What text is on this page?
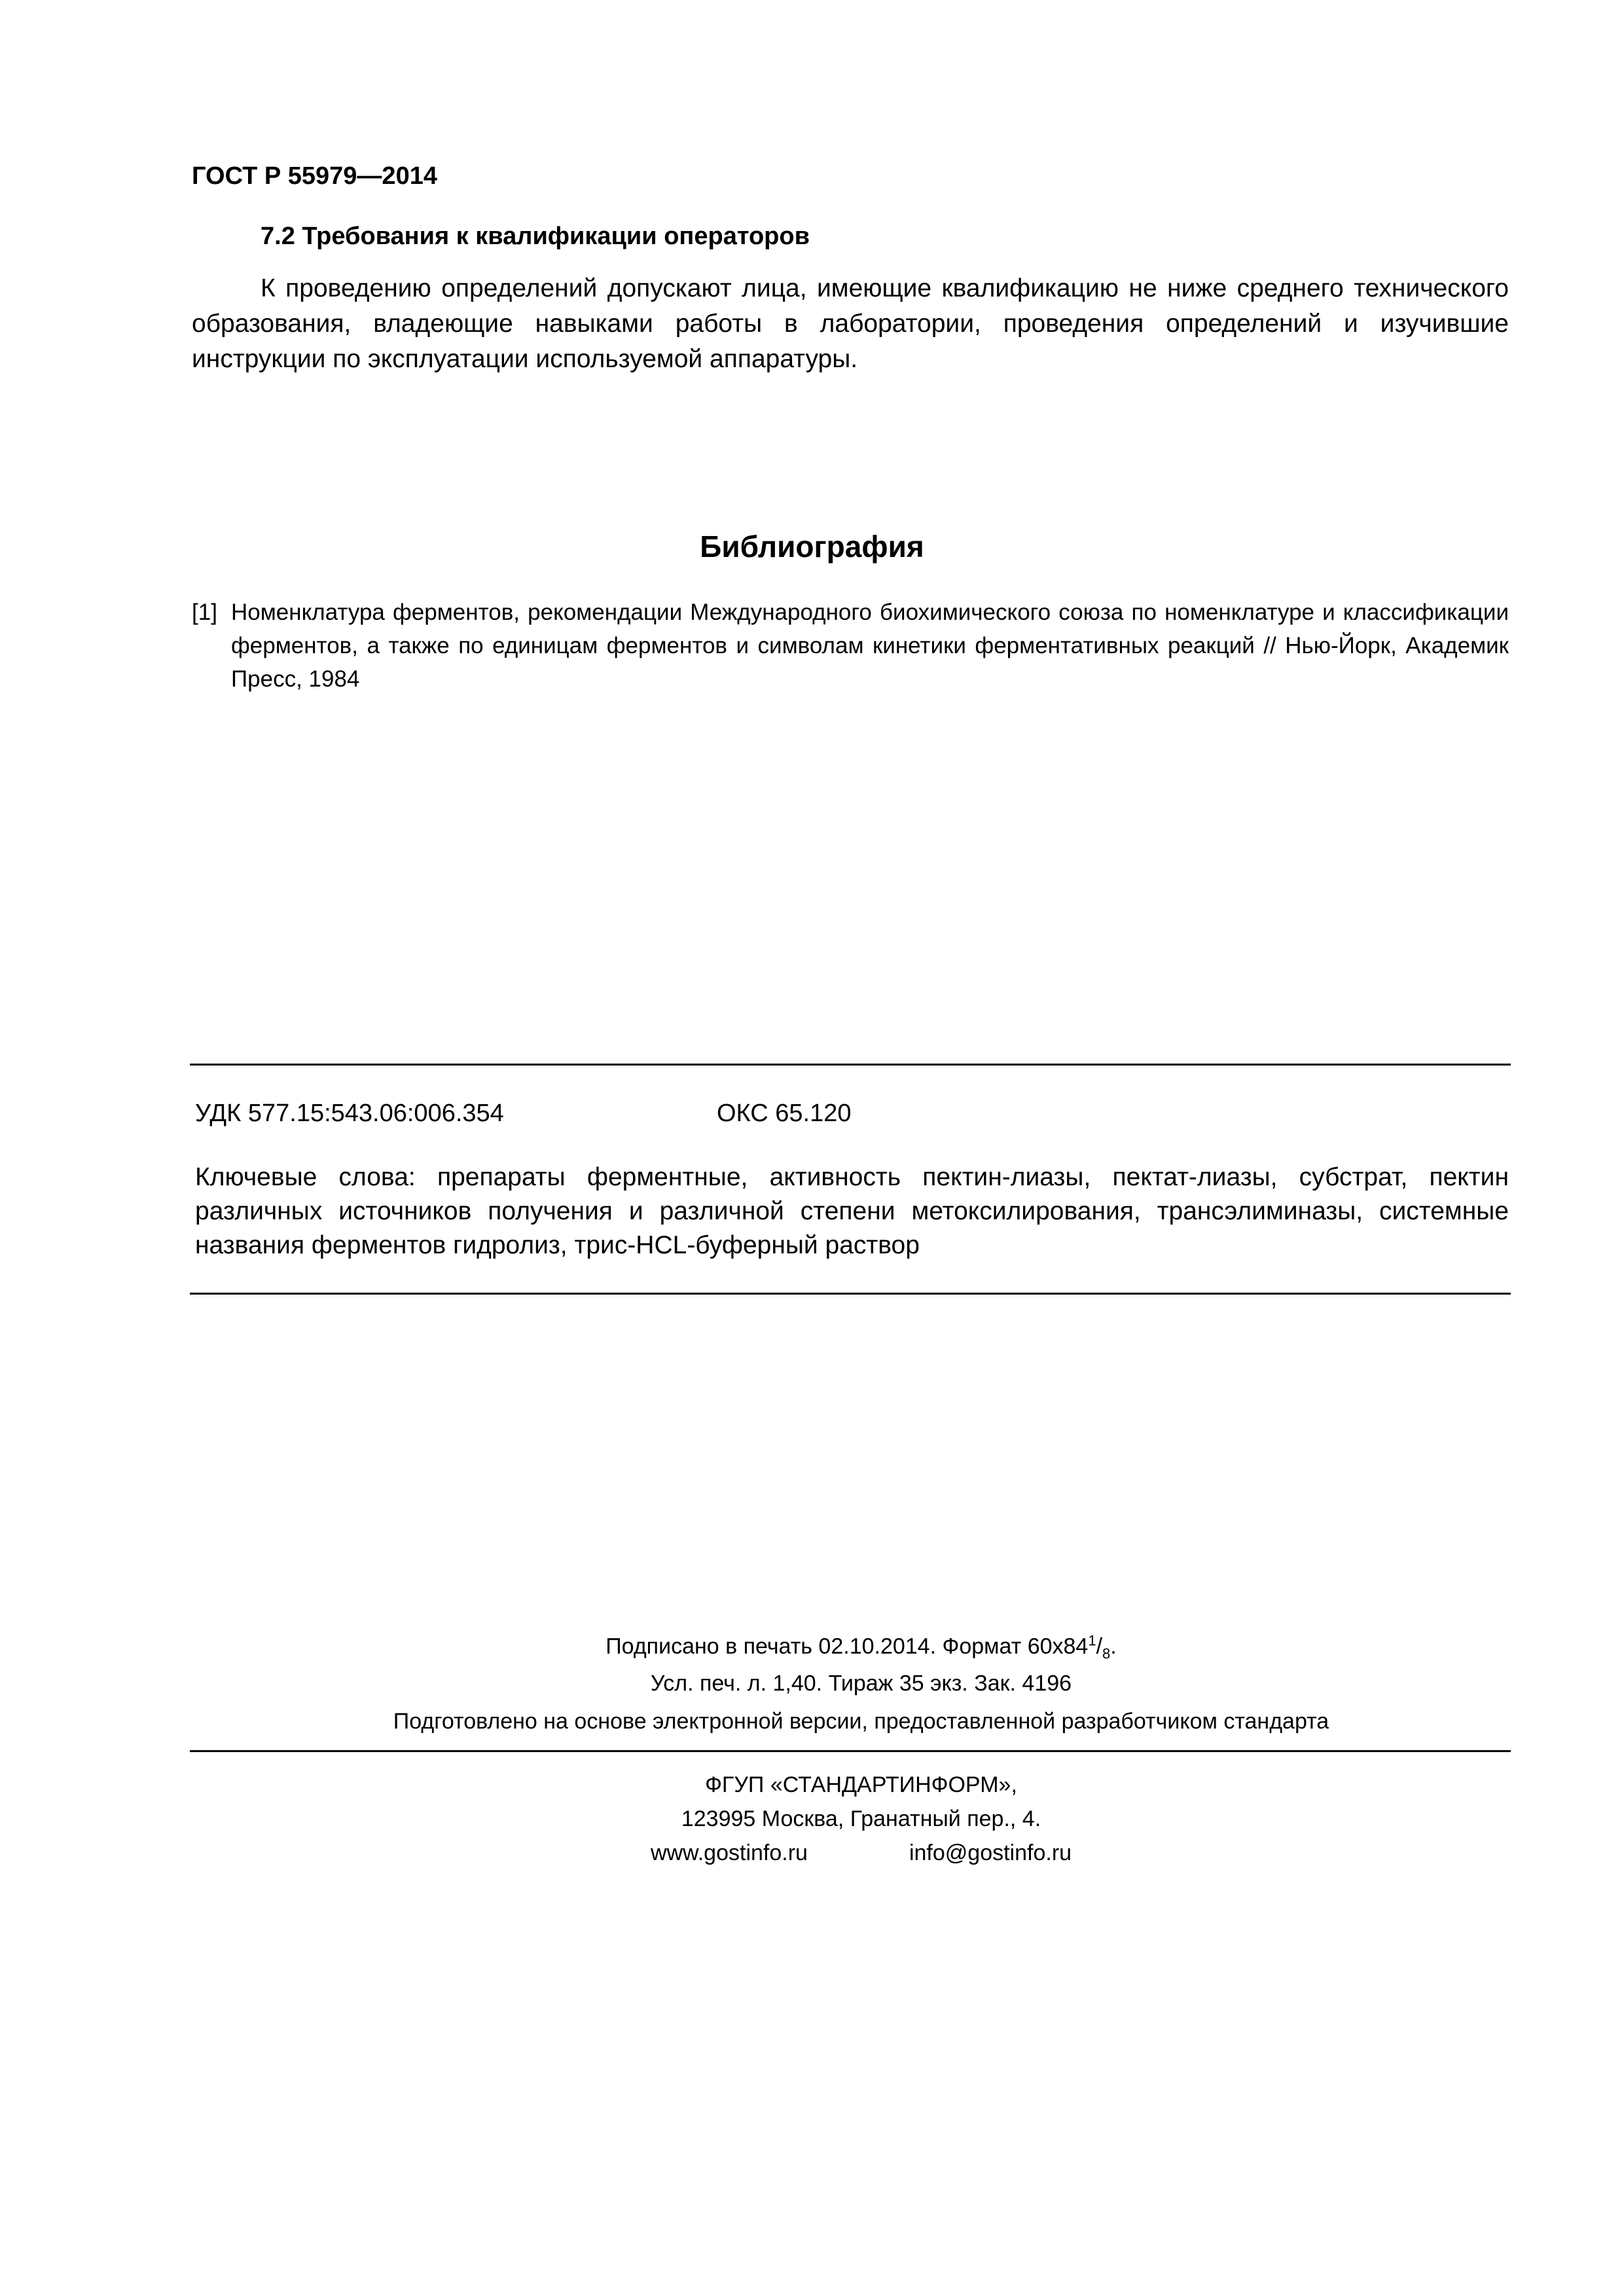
ГОСТ Р 55979—2014
7.2 Требования к квалификации операторов
К проведению определений допускают лица, имеющие квалификацию не ниже среднего технического образования, владеющие навыками работы в лаборатории, проведения определений и изучившие инструкции по эксплуатации используемой аппаратуры.
Библиография
[1] Номенклатура ферментов, рекомендации Международного биохимического союза по номенклатуре и классификации ферментов, а также по единицам ферментов и символам кинетики ферментативных реакций // Нью-Йорк, Академик Пресс, 1984
УДК 577.15:543.06:006.354	ОКС 65.120
Ключевые слова: препараты ферментные, активность пектин-лиазы, пектат-лиазы, субстрат, пектин различных источников получения и различной степени метоксилирования, трансэлиминазы, системные названия ферментов гидролиз, трис-HCL-буферный раствор
Подписано в печать 02.10.2014. Формат $60х84^1/_8$.
Усл. печ. л. 1,40. Тираж 35 экз. Зак. 4196
Подготовлено на основе электронной версии, предоставленной разработчиком стандарта
ФГУП «СТАНДАРТИНФОРМ»,
123995 Москва, Гранатный пер., 4.
www.gostinfo.ru	info@gostinfo.ru
